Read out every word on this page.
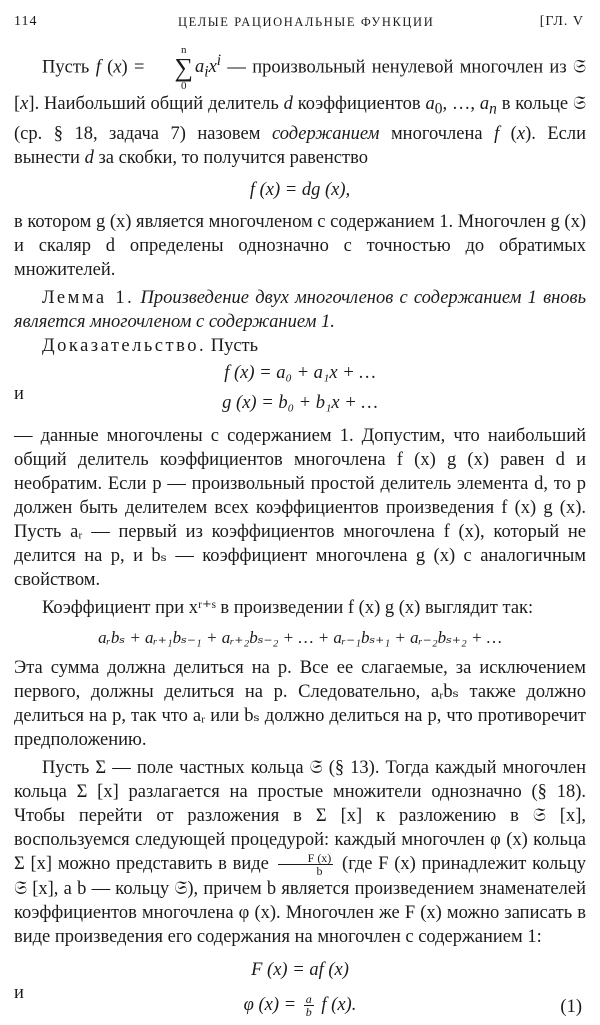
114	ЦЕЛЫЕ РАЦИОНАЛЬНЫЕ ФУНКЦИИ	[ГЛ. V

Пусть f (x) =
n
∑
0
$a_ix^i$ — произвольный ненулевой многочлен из 𝔖 [x]. Наибольший общий делитель d коэффициентов $a_0$, …, $a_n$ в кольце 𝔖 (ср. § 18, задача 7) назовем содержанием многочлена f (x). Если вынести d за скобки, то получится равенство

f (x) = dg (x),

в котором g (x) является многочленом с содержанием 1. Многочлен g (x) и скаляр d определены однозначно с точностью до обратимых множителей.

Лемма 1. Произведение двух многочленов с содержанием 1 вновь является многочленом с содержанием 1.

Доказательство. Пусть

f (x) = a₀ + a₁x + …
и	g (x) = b₀ + b₁x + …

— данные многочлены с содержанием 1. Допустим, что наибольший общий делитель коэффициентов многочлена f (x) g (x) равен d и необратим. Если p — произвольный простой делитель элемента d, то p должен быть делителем всех коэффициентов произведения f (x) g (x). Пусть aᵣ — первый из коэффициентов многочлена f (x), который не делится на p, и bₛ — коэффициент многочлена g (x) с аналогичным свойством.

Коэффициент при xʳ⁺ˢ в произведении f (x) g (x) выглядит так:

aᵣbₛ + aᵣ₊₁bₛ₋₁ + aᵣ₊₂bₛ₋₂ + … + aᵣ₋₁bₛ₊₁ + aᵣ₋₂bₛ₊₂ + …

Эта сумма должна делиться на p. Все ее слагаемые, за исключением первого, должны делиться на p. Следовательно, aᵣbₛ также должно делиться на p, так что aᵣ или bₛ должно делиться на p, что противоречит предположению.

Пусть Σ — поле частных кольца 𝔖 (§ 13). Тогда каждый многочлен кольца Σ [x] разлагается на простые множители однозначно (§ 18). Чтобы перейти от разложения в Σ [x] к разложению в 𝔖 [x], воспользуемся следующей процедурой: каждый многочлен φ (x) кольца Σ [x] можно представить в виде $\frac{F (x)}{b} (где$ F (x) принадлежит кольцу 𝔖 [x], а b — кольцу 𝔖), причем b является произведением знаменателей коэффициентов многочлена φ (x). Многочлен же F (x) можно записать в виде произведения его содержания на многочлен с содержанием 1:

F (x) = af (x)
и
φ $(x) = \frac{a}{b}$ f (x).	(1)
